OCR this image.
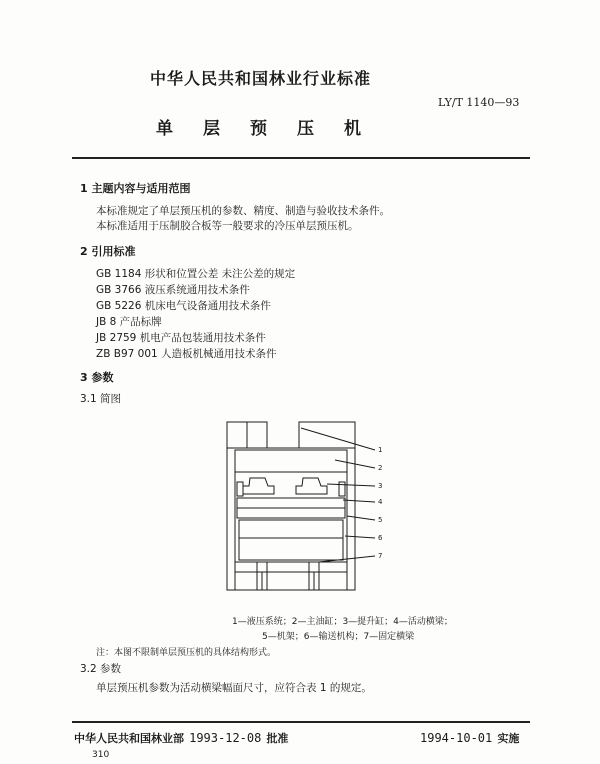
中华人民共和国林业行业标准
LY/T 1140—93
单层预压机
1 主题内容与适用范围
本标准规定了单层预压机的参数、精度、制造与验收技术条件。
本标准适用于压制胶合板等一般要求的冷压单层预压机。
2 引用标准
GB 1184 形状和位置公差 未注公差的规定
GB 3766 液压系统通用技术条件
GB 5226 机床电气设备通用技术条件
JB 8 产品标牌
JB 2759 机电产品包装通用技术条件
ZB B97 001 人造板机械通用技术条件
3 参数
3.1 简图
1
2
3
4
5
6
7
1—液压系统；2—主油缸；3—提升缸；4—活动横梁；
5—机架；6—输送机构；7—固定横梁
注：本图不限制单层预压机的具体结构形式。
3.2 参数
单层预压机参数为活动横梁幅面尺寸，应符合表 1 的规定。
中华人民共和国林业部 1993-12-08 批准	1994-10-01 实施
310
